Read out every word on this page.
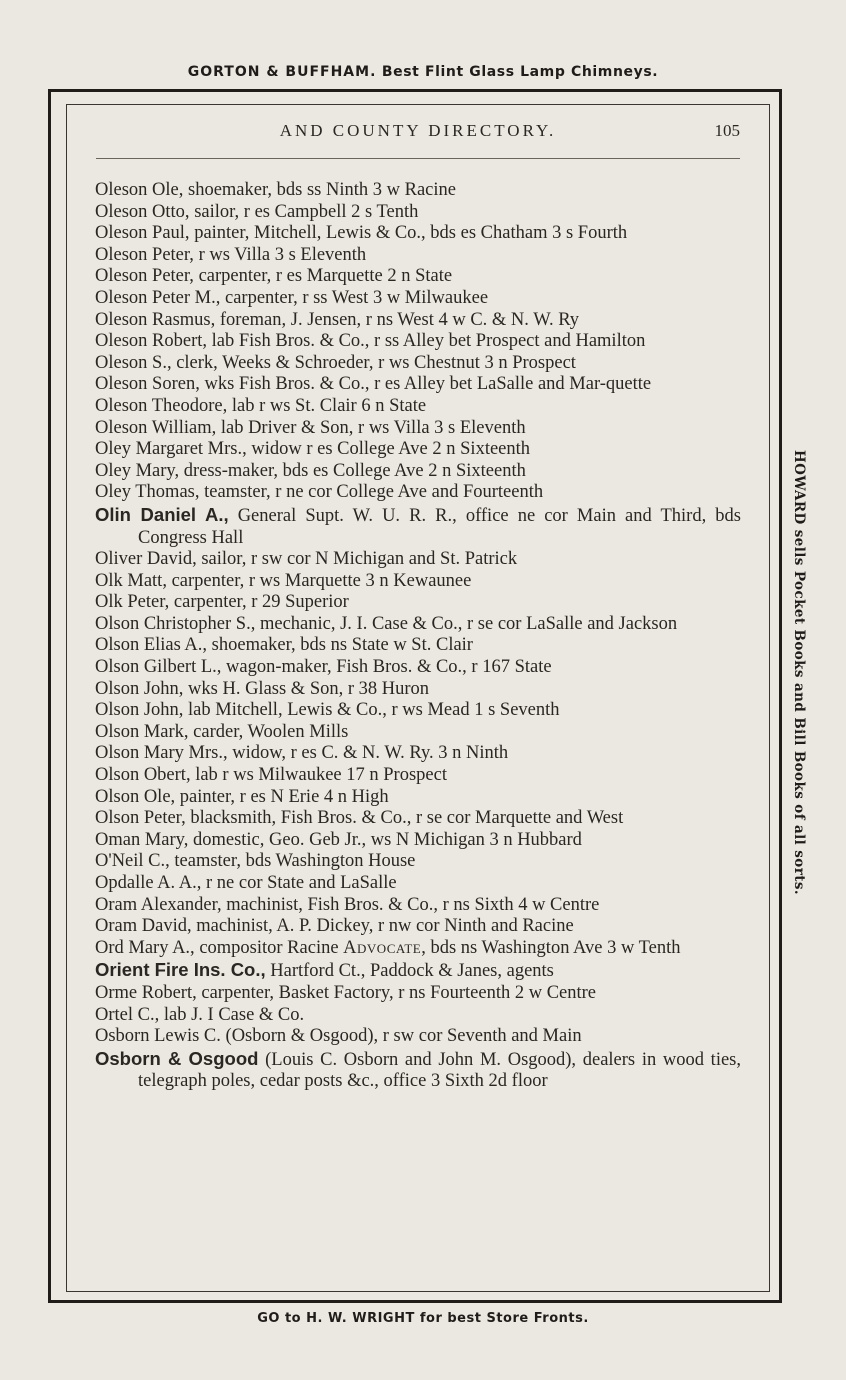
GORTON & BUFFHAM. Best Flint Glass Lamp Chimneys.
AND COUNTY DIRECTORY.	105
Oleson Ole, shoemaker, bds ss Ninth 3 w Racine
Oleson Otto, sailor, r es Campbell 2 s Tenth
Oleson Paul, painter, Mitchell, Lewis & Co., bds es Chatham 3 s Fourth
Oleson Peter, r ws Villa 3 s Eleventh
Oleson Peter, carpenter, r es Marquette 2 n State
Oleson Peter M., carpenter, r ss West 3 w Milwaukee
Oleson Rasmus, foreman, J. Jensen, r ns West 4 w C. & N. W. Ry
Oleson Robert, lab Fish Bros. & Co., r ss Alley bet Prospect and Hamilton
Oleson S., clerk, Weeks & Schroeder, r ws Chestnut 3 n Prospect
Oleson Soren, wks Fish Bros. & Co., r es Alley bet LaSalle and Mar-quette
Oleson Theodore, lab r ws St. Clair 6 n State
Oleson William, lab Driver & Son, r ws Villa 3 s Eleventh
Oley Margaret Mrs., widow r es College Ave 2 n Sixteenth
Oley Mary, dress-maker, bds es College Ave 2 n Sixteenth
Oley Thomas, teamster, r ne cor College Ave and Fourteenth
Olin Daniel A., General Supt. W. U. R. R., office ne cor Main and Third, bds Congress Hall
Oliver David, sailor, r sw cor N Michigan and St. Patrick
Olk Matt, carpenter, r ws Marquette 3 n Kewaunee
Olk Peter, carpenter, r 29 Superior
Olson Christopher S., mechanic, J. I. Case & Co., r se cor LaSalle and Jackson
Olson Elias A., shoemaker, bds ns State w St. Clair
Olson Gilbert L., wagon-maker, Fish Bros. & Co., r 167 State
Olson John, wks H. Glass & Son, r 38 Huron
Olson John, lab Mitchell, Lewis & Co., r ws Mead 1 s Seventh
Olson Mark, carder, Woolen Mills
Olson Mary Mrs., widow, r es C. & N. W. Ry. 3 n Ninth
Olson Obert, lab r ws Milwaukee 17 n Prospect
Olson Ole, painter, r es N Erie 4 n High
Olson Peter, blacksmith, Fish Bros. & Co., r se cor Marquette and West
Oman Mary, domestic, Geo. Geb Jr., ws N Michigan 3 n Hubbard
O'Neil C., teamster, bds Washington House
Opdalle A. A., r ne cor State and LaSalle
Oram Alexander, machinist, Fish Bros. & Co., r ns Sixth 4 w Centre
Oram David, machinist, A. P. Dickey, r nw cor Ninth and Racine
Ord Mary A., compositor Racine Advocate, bds ns Washington Ave 3 w Tenth
Orient Fire Ins. Co., Hartford Ct., Paddock & Janes, agents
Orme Robert, carpenter, Basket Factory, r ns Fourteenth 2 w Centre
Ortel C., lab J. I Case & Co.
Osborn Lewis C. (Osborn & Osgood), r sw cor Seventh and Main
Osborn & Osgood (Louis C. Osborn and John M. Osgood), dealers in wood ties, telegraph poles, cedar posts &c., office 3 Sixth 2d floor
HOWARD sells Pocket Books and Bill Books of all sorts.
GO to H. W. WRIGHT for best Store Fronts.
